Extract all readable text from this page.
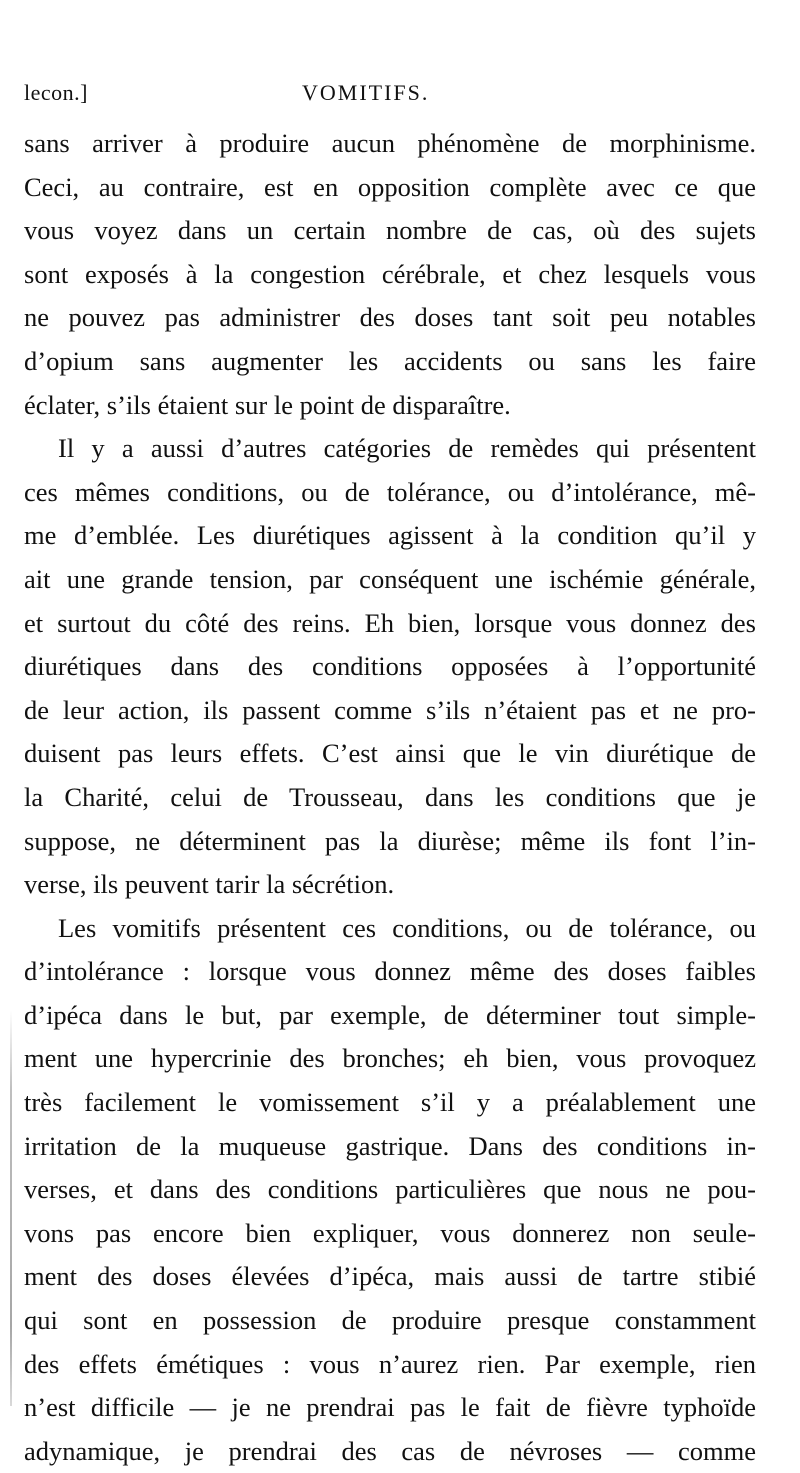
lecon.]	VOMITIFS.
sans arriver à produire aucun phénomène de morphinisme.
Ceci, au contraire, est en opposition complète avec ce que
vous voyez dans un certain nombre de cas, où des sujets
sont exposés à la congestion cérébrale, et chez lesquels vous
ne pouvez pas administrer des doses tant soit peu notables
d’opium sans augmenter les accidents ou sans les faire
éclater, s’ils étaient sur le point de disparaître.
Il y a aussi d’autres catégories de remèdes qui présentent
ces mêmes conditions, ou de tolérance, ou d’intolérance, mê-
me d’emblée. Les diurétiques agissent à la condition qu’il y
ait une grande tension, par conséquent une ischémie générale,
et surtout du côté des reins. Eh bien, lorsque vous donnez des
diurétiques dans des conditions opposées à l’opportunité
de leur action, ils passent comme s’ils n’étaient pas et ne pro-
duisent pas leurs effets. C’est ainsi que le vin diurétique de
la Charité, celui de Trousseau, dans les conditions que je
suppose, ne déterminent pas la diurèse; même ils font l’in-
verse, ils peuvent tarir la sécrétion.
Les vomitifs présentent ces conditions, ou de tolérance, ou
d’intolérance : lorsque vous donnez même des doses faibles
d’ipéca dans le but, par exemple, de déterminer tout simple-
ment une hypercrinie des bronches; eh bien, vous provoquez
très facilement le vomissement s’il y a préalablement une
irritation de la muqueuse gastrique. Dans des conditions in-
verses, et dans des conditions particulières que nous ne pou-
vons pas encore bien expliquer, vous donnerez non seule-
ment des doses élevées d’ipéca, mais aussi de tartre stibié
qui sont en possession de produire presque constamment
des effets émétiques : vous n’aurez rien. Par exemple, rien
n’est difficile — je ne prendrai pas le fait de fièvre typhoïde
adynamique, je prendrai des cas de névroses — comme
